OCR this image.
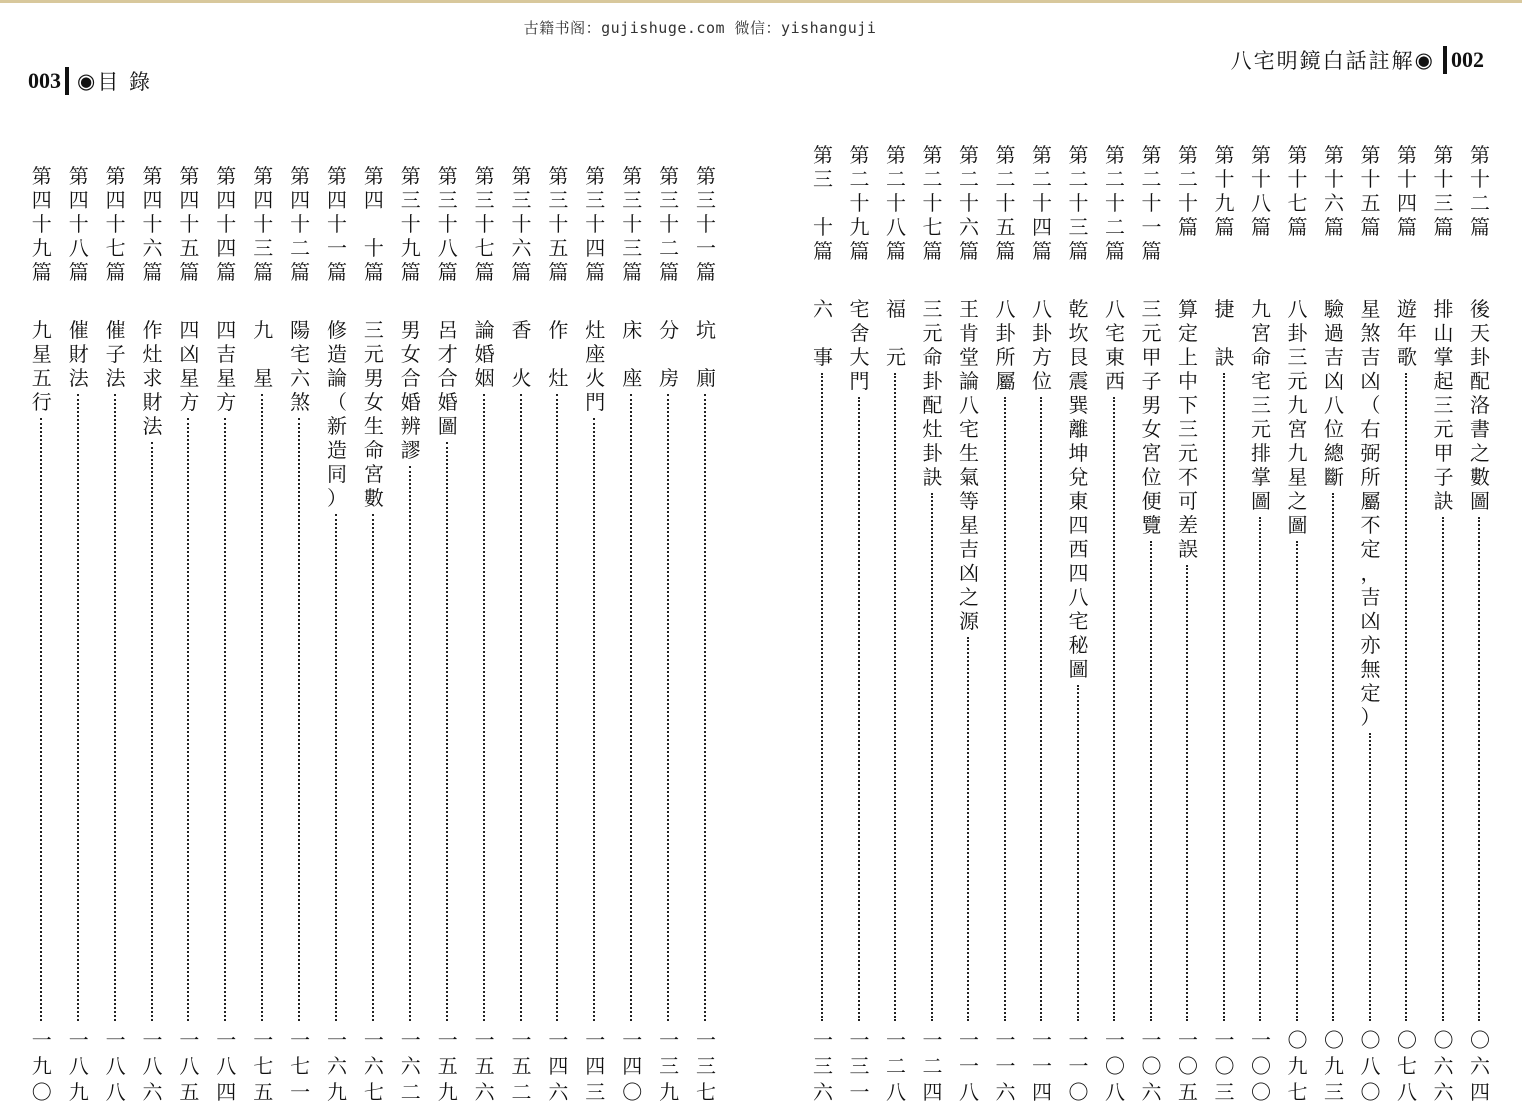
古籍书阁：gujishuge.com 微信：yishanguji
003 ◉ 目 錄
八宅明鏡白話註解 ◉ 002
第
三
十
一
篇
坑

廁
一
三
七
第
三
十
二
篇
分

房
一
三
九
第
三
十
三
篇
床

座
一
四
〇
第
三
十
四
篇
灶
座
火
門
一
四
三
第
三
十
五
篇
作

灶
一
四
六
第
三
十
六
篇
香

火
一
五
二
第
三
十
七
篇
論
婚
姻
一
五
六
第
三
十
八
篇
呂
才
合
婚
圖
一
五
九
第
三
十
九
篇
男
女
合
婚
辨
謬
一
六
二
第
四

十
篇
三
元
男
女
生
命
宮
數
一
六
七
第
四
十
一
篇
修
造
論
（
新
造
同
）
一
六
九
第
四
十
二
篇
陽
宅
六
煞
一
七
一
第
四
十
三
篇
九

星
一
七
五
第
四
十
四
篇
四
吉
星
方
一
八
四
第
四
十
五
篇
四
凶
星
方
一
八
五
第
四
十
六
篇
作
灶
求
財
法
一
八
六
第
四
十
七
篇
催
子
法
一
八
八
第
四
十
八
篇
催
財
法
一
八
九
第
四
十
九
篇
九
星
五
行
一
九
〇
第
十
二
篇
後
天
卦
配
洛
書
之
數
圖
〇
六
四
第
十
三
篇
排
山
掌
起
三
元
甲
子
訣
〇
六
六
第
十
四
篇
遊
年
歌
〇
七
八
第
十
五
篇
星
煞
吉
凶
（
右
弼
所
屬
不
定
，
吉
凶
亦
無
定
）
〇
八
〇
第
十
六
篇
驗
過
吉
凶
八
位
總
斷
〇
九
三
第
十
七
篇
八
卦
三
元
九
宮
九
星
之
圖
〇
九
七
第
十
八
篇
九
宮
命
宅
三
元
排
掌
圖
一
〇
〇
第
十
九
篇
捷

訣
一
〇
三
第
二
十
篇
算
定
上
中
下
三
元
不
可
差
誤
一
〇
五
第
二
十
一
篇
三
元
甲
子
男
女
宮
位
便
覽
一
〇
六
第
二
十
二
篇
八
宅
東
西
一
〇
八
第
二
十
三
篇
乾
坎
艮
震
巽
離
坤
兌
東
四
西
四
八
宅
秘
圖
一
一
〇
第
二
十
四
篇
八
卦
方
位
一
一
四
第
二
十
五
篇
八
卦
所
屬
一
一
六
第
二
十
六
篇
王
肯
堂
論
八
宅
生
氣
等
星
吉
凶
之
源
一
一
八
第
二
十
七
篇
三
元
命
卦
配
灶
卦
訣
一
二
四
第
二
十
八
篇
福

元
一
二
八
第
二
十
九
篇
宅
舍
大
門
一
三
一
第
三

十
篇
六

事
一
三
六
